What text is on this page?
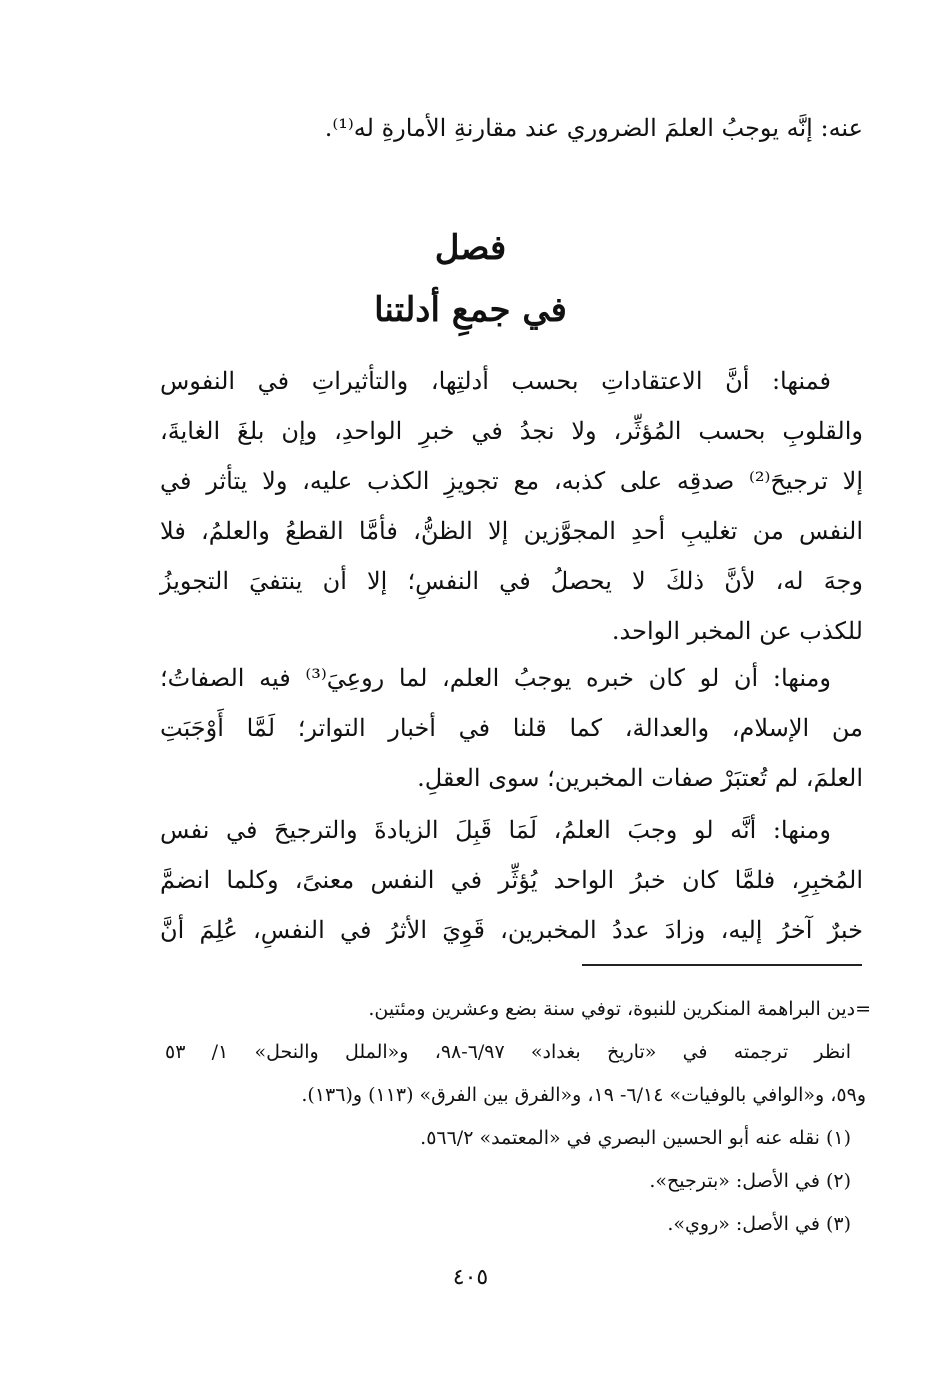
عنه: إنَّه يوجبُ العلمَ الضروري عند مقارنةِ الأمارةِ له⁽¹⁾.
فصل
في جمعِ أدلتنا
فمنها: أنَّ الاعتقاداتِ بحسب أدلتِها، والتأثيراتِ في النفوس
والقلوبِ بحسب المُؤثِّر، ولا نجدُ في خبرِ الواحدِ، وإن بلغَ الغايةَ،
إلا ترجيحَ⁽²⁾ صدقِه على كذبه، مع تجويزِ الكذب عليه، ولا يتأثر في
النفس من تغليبِ أحدِ المجوَّزين إلا الظنُّ، فأمَّا القطعُ والعلمُ، فلا
وجهَ له، لأنَّ ذلكَ لا يحصلُ في النفسِ؛ إلا أن ينتفيَ التجويزُ
للكذب عن المخبر الواحد.
ومنها: أن لو كان خبره يوجبُ العلم، لما روعِيَ⁽³⁾ فيه الصفاتُ؛
من الإسلام، والعدالة، كما قلنا في أخبار التواتر؛ لَمَّا أَوْجَبَتِ
العلمَ، لم تُعتبَرْ صفات المخبرين؛ سوى العقلِ.
ومنها: أنَّه لو وجبَ العلمُ، لَمَا قَبِلَ الزيادةَ والترجيحَ في نفس
المُخبِرِ، فلمَّا كان خبرُ الواحد يُؤثِّر في النفس معنىً، وكلما انضمَّ
خبرٌ آخرُ إليه، وزادَ عددُ المخبرين، قَوِيَ الأثرُ في النفسِ، عُلِمَ أنَّ
=دين البراهمة المنكرين للنبوة، توفي سنة بضع وعشرين ومئتين.
انظر ترجمته في «تاريخ بغداد» ٦/٩٧-٩٨، و«الملل والنحل» ١/ ٥٣
و٥٩، و«الوافي بالوفيات» ٦/١٤- ١٩، و«الفرق بين الفرق» (١١٣) و(١٣٦).
(١) نقله عنه أبو الحسين البصري في «المعتمد» ٥٦٦/٢.
(٢) في الأصل: «بترجيح».
(٣) في الأصل: «روي».
٤٠٥
